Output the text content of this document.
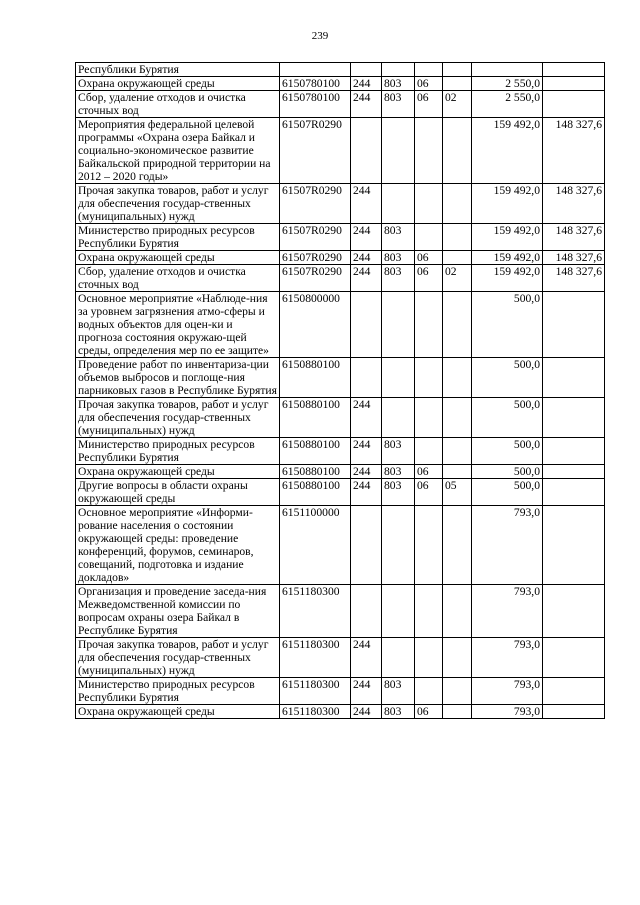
239
Республики Бурятия							
Охрана окружающей среды	6150780100	244	803	06		2 550,0	
Сбор, удаление отходов и очистка сточных вод	6150780100	244	803	06	02	2 550,0	
Мероприятия федеральной целевой программы «Охрана озера Байкал и социально-экономическое развитие Байкальской природной территории на 2012 – 2020 годы»	61507R0290					159 492,0	148 327,6
Прочая закупка товаров, работ и услуг для обеспечения государ-ственных (муниципальных) нужд	61507R0290	244				159 492,0	148 327,6
Министерство природных ресурсов Республики Бурятия	61507R0290	244	803			159 492,0	148 327,6
Охрана окружающей среды	61507R0290	244	803	06		159 492,0	148 327,6
Сбор, удаление отходов и очистка сточных вод	61507R0290	244	803	06	02	159 492,0	148 327,6
Основное мероприятие «Наблюде-ния за уровнем загрязнения атмо-сферы и водных объектов для оцен-ки и прогноза состояния окружаю-щей среды, определения мер по ее защите»	6150800000					500,0	
Проведение работ по инвентариза-ции объемов выбросов и поглоще-ния парниковых газов в Республике Бурятия	6150880100					500,0	
Прочая закупка товаров, работ и услуг для обеспечения государ-ственных (муниципальных) нужд	6150880100	244				500,0	
Министерство природных ресурсов Республики Бурятия	6150880100	244	803			500,0	
Охрана окружающей среды	6150880100	244	803	06		500,0	
Другие вопросы в области охраны окружающей среды	6150880100	244	803	06	05	500,0	
Основное мероприятие «Информи-рование населения о состоянии окружающей среды: проведение конференций, форумов, семинаров, совещаний, подготовка и издание докладов»	6151100000					793,0	
Организация и проведение заседа-ния Межведомственной комиссии по вопросам охраны озера Байкал в Республике Бурятия	6151180300					793,0	
Прочая закупка товаров, работ и услуг для обеспечения государ-ственных (муниципальных) нужд	6151180300	244				793,0	
Министерство природных ресурсов Республики Бурятия	6151180300	244	803			793,0	
Охрана окружающей среды	6151180300	244	803	06		793,0	
